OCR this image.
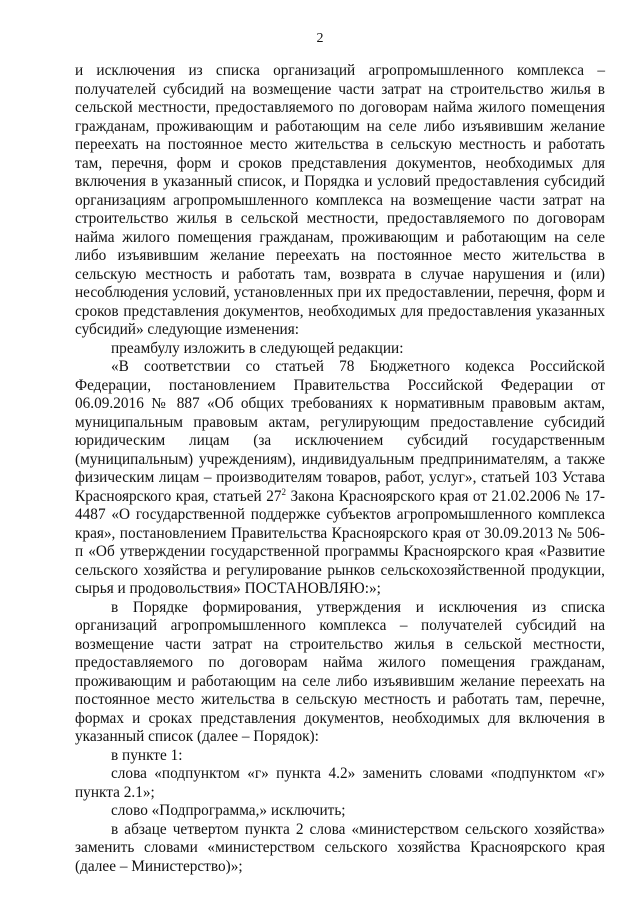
2

и исключения из списка организаций агропромышленного комплекса – получателей субсидий на возмещение части затрат на строительство жилья в сельской местности, предоставляемого по договорам найма жилого помещения гражданам, проживающим и работающим на селе либо изъявившим желание переехать на постоянное место жительства в сельскую местность и работать там, перечня, форм и сроков представления документов, необходимых для включения в указанный список, и Порядка и условий предоставления субсидий организациям агропромышленного комплекса на возмещение части затрат на строительство жилья в сельской местности, предоставляемого по договорам найма жилого помещения гражданам, проживающим и работающим на селе либо изъявившим желание переехать на постоянное место жительства в сельскую местность и работать там, возврата в случае нарушения и (или) несоблюдения условий, установленных при их предоставлении, перечня, форм и сроков представления документов, необходимых для предоставления указанных субсидий» следующие изменения:

преамбулу изложить в следующей редакции:

«В соответствии со статьей 78 Бюджетного кодекса Российской Федерации, постановлением Правительства Российской Федерации от 06.09.2016 № 887 «Об общих требованиях к нормативным правовым актам, муниципальным правовым актам, регулирующим предоставление субсидий юридическим лицам (за исключением субсидий государственным (муниципальным) учреждениям), индивидуальным предпринимателям, а также физическим лицам – производителям товаров, работ, услуг», статьей 103 Устава Красноярского края, статьей $27^2$ Закона Красноярского края от 21.02.2006 № 17-4487 «О государственной поддержке субъектов агропромышленного комплекса края», постановлением Правительства Красноярского края от 30.09.2013 № 506-п «Об утверждении государственной программы Красноярского края «Развитие сельского хозяйства и регулирование рынков сельскохозяйственной продукции, сырья и продовольствия» ПОСТАНОВЛЯЮ:»;

в Порядке формирования, утверждения и исключения из списка организаций агропромышленного комплекса – получателей субсидий на возмещение части затрат на строительство жилья в сельской местности, предоставляемого по договорам найма жилого помещения гражданам, проживающим и работающим на селе либо изъявившим желание переехать на постоянное место жительства в сельскую местность и работать там, перечне, формах и сроках представления документов, необходимых для включения в указанный список (далее – Порядок):

в пункте 1:

слова «подпунктом «г» пункта 4.2» заменить словами «подпунктом «г» пункта 2.1»;

слово «Подпрограмма,» исключить;

в абзаце четвертом пункта 2 слова «министерством сельского хозяйства» заменить словами «министерством сельского хозяйства Красноярского края (далее – Министерство)»;
